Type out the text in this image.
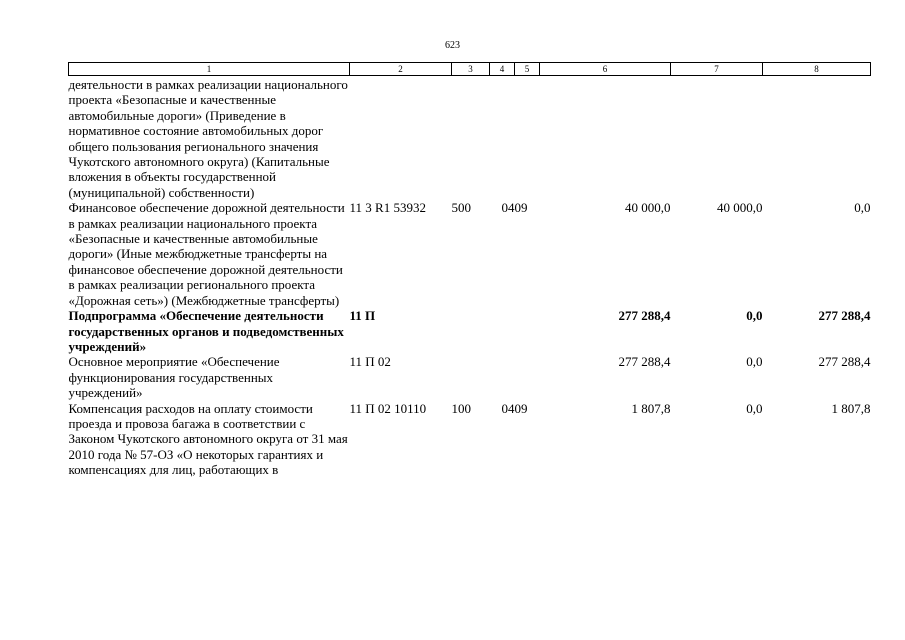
623
1	2	3	4	5	6	7	8
деятельности в рамках реализации национального проекта «Безопасные и качественные автомобильные дороги» (Приведение в нормативное состояние автомобильных дорог общего пользования регионального значения Чукотского автономного округа) (Капитальные вложения в объекты государственной (муниципальной) собственности)							
Финансовое обеспечение дорожной деятельности в рамках реализации национального проекта «Безопасные и качественные автомобильные дороги» (Иные межбюджетные трансферты на финансовое обеспечение дорожной деятельности в рамках реализации регионального проекта «Дорожная сеть») (Межбюджетные трансферты)	11 3 R1 53932	500	04	09	40 000,0	40 000,0	0,0
Подпрограмма «Обеспечение деятельности государственных органов и подведомственных учреждений»	11 П				277 288,4	0,0	277 288,4
Основное мероприятие «Обеспечение функционирования государственных учреждений»	11 П 02				277 288,4	0,0	277 288,4
Компенсация расходов на оплату стоимости проезда и провоза багажа в соответствии с Законом Чукотского автономного округа от 31 мая 2010 года № 57-ОЗ «О некоторых гарантиях и компенсациях для лиц, работающих в	11 П 02 10110	100	04	09	1 807,8	0,0	1 807,8
